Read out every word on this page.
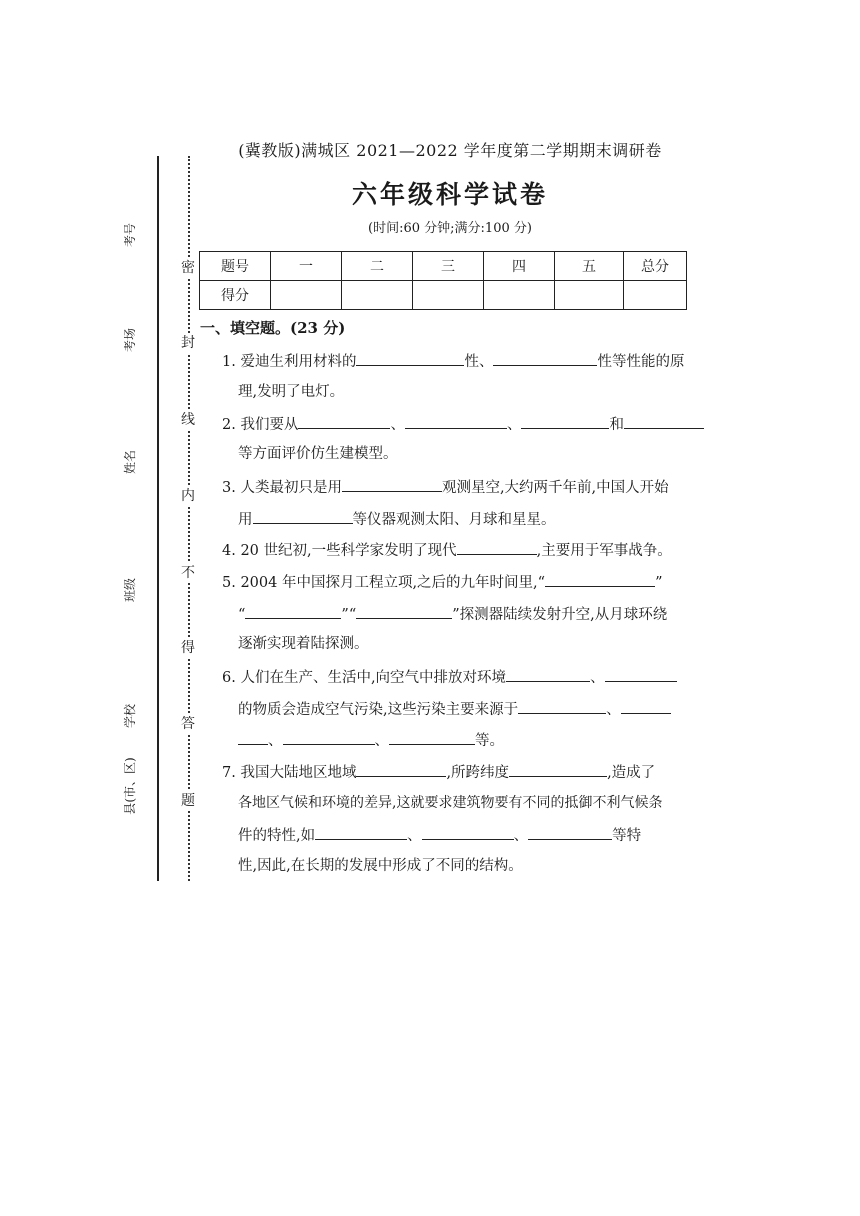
考号
考场
姓名
班级
学校
县(市、区)
密
封
线
内
不
得
答
题
(冀教版)满城区 2021—2022 学年度第二学期期末调研卷
六年级科学试卷
(时间:60 分钟;满分:100 分)
题号	一	二	三	四	五	总分
得分						
一、填空题。(23 分)
1. 爱迪生利用材料的	性、	性等性能的原
理,发明了电灯。
2. 我们要从	、	、	和
等方面评价仿生建模型。
3. 人类最初只是用	观测星空,大约两千年前,中国人开始
用	等仪器观测太阳、月球和星星。
4. 20 世纪初,一些科学家发明了现代	,主要用于军事战争。
5. 2004 年中国探月工程立项,之后的九年时间里,“	”
“	”“	”探测器陆续发射升空,从月球环绕
逐渐实现着陆探测。
6. 人们在生产、生活中,向空气中排放对环境	、
的物质会造成空气污染,这些污染主要来源于	、
、	、	等。
7. 我国大陆地区地域	,所跨纬度	,造成了
各地区气候和环境的差异,这就要求建筑物要有不同的抵御不利气候条
件的特性,如	、	、	等特
性,因此,在长期的发展中形成了不同的结构。
